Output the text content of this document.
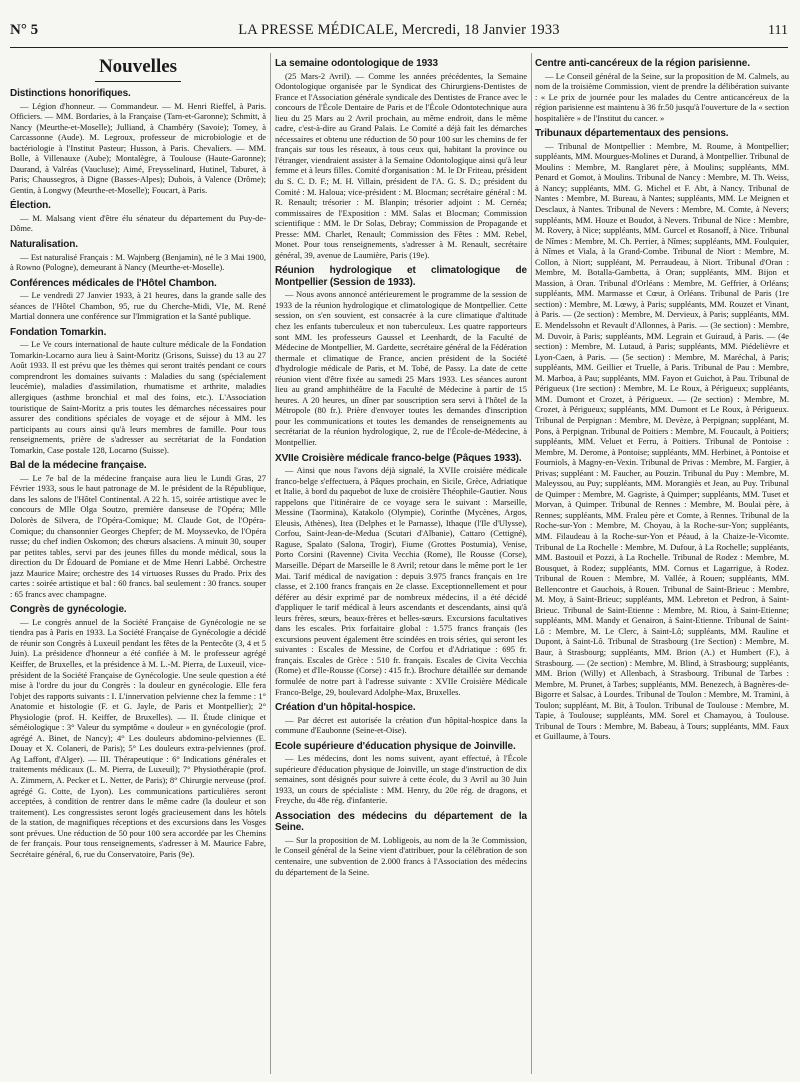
N° 5	LA PRESSE MÉDICALE, Mercredi, 18 Janvier 1933	111
Nouvelles
Distinctions honorifiques.

— Légion d'honneur. — Commandeur. — M. Henri Rieffel, à Paris. Officiers. — MM. Bordaries, à la Française (Tarn-et-Garonne); Schmitt, à Nancy (Meurthe-et-Moselle); Julliand, à Chambéry (Savoie); Tomey, à Carcassonne (Aude). M. Legroux, professeur de microbiologie et de bactériologie à l'Institut Pasteur; Husson, à Paris. Chevaliers. — MM. Bolle, à Villenauxe (Aube); Montalègre, à Toulouse (Haute-Garonne); Daurand, à Valréas (Vaucluse); Aimé, Freysselinard, Hutinel, Taburet, à Paris; Chaussegros, à Digne (Basses-Alpes); Dubois, à Valence (Drôme); Gentin, à Longwy (Meurthe-et-Moselle); Foucart, à Paris.

Élection.

— M. Malsang vient d'être élu sénateur du département du Puy-de-Dôme.

Naturalisation.

— Est naturalisé Français : M. Wajnberg (Benjamin), né le 3 Mai 1900, à Rowno (Pologne), demeurant à Nancy (Meurthe-et-Moselle).

Conférences médicales de l'Hôtel Chambon.

— Le vendredi 27 Janvier 1933, à 21 heures, dans la grande salle des séances de l'Hôtel Chambon, 95, rue du Cherche-Midi, VIe, M. René Martial donnera une conférence sur l'Immigration et la Santé publique.

Fondation Tomarkin.

— Le Ve cours international de haute culture médicale de la Fondation Tomarkin-Locarno aura lieu à Saint-Moritz (Grisons, Suisse) du 13 au 27 Août 1933. Il est prévu que les thèmes qui seront traités pendant ce cours comprendront les domaines suivants : Maladies du sang (spécialement leucémie), maladies d'assimilation, rhumatisme et arthrite, maladies allergiques (asthme bronchial et mal des foins, etc.). L'Association touristique de Saint-Moritz a pris toutes les démarches nécessaires pour assurer des conditions spéciales de voyage et de séjour à MM. les participants au cours ainsi qu'à leurs membres de famille. Pour tous renseignements, prière de s'adresser au secrétariat de la Fondation Tomarkin, Case postale 128, Locarno (Suisse).

Bal de la médecine française.

— Le 7e bal de la médecine française aura lieu le Lundi Gras, 27 Février 1933, sous le haut patronage de M. le président de la République, dans les salons de l'Hôtel Continental. A 22 h. 15, soirée artistique avec le concours de Mlle Olga Soutzo, première danseuse de l'Opéra; Mlle Dolorès de Silvera, de l'Opéra-Comique; M. Claude Got, de l'Opéra-Comique; du chansonnier Georges Chepfer; de M. Moyssevko, de l'Opéra russe; du chef indien Oskomon; des chœurs alsaciens. A minuit 30, souper par petites tables, servi par des jeunes filles du monde médical, sous la direction du Dr Édouard de Pomiane et de Mme Henri Labbé. Orchestre jazz Maurice Maire; orchestre des 14 virtuoses Russes du Prado. Prix des cartes : soirée artistique et bal : 60 francs. bal seulement : 30 francs. souper : 65 francs avec champagne.

Congrès de gynécologie.

— Le congrès annuel de la Société Française de Gynécologie ne se tiendra pas à Paris en 1933. La Société Française de Gynécologie a décidé de réunir son Congrès à Luxeuil pendant les fêtes de la Pentecôte (3, 4 et 5 Juin). La présidence d'honneur a été confiée à M. le professeur agrégé Keiffer, de Bruxelles, et la présidence à M. L.-M. Pierra, de Luxeuil, vice-président de la Société Française de Gynécologie. Une seule question a été mise à l'ordre du jour du Congrès : la douleur en gynécologie. Elle fera l'objet des rapports suivants : I. L'innervation pelvienne chez la femme : 1° Anatomie et histologie (F. et G. Jayle, de Paris et Montpellier); 2° Physiologie (prof. H. Keiffer, de Bruxelles). — II. Étude clinique et séméiologique : 3° Valeur du symptôme « douleur » en gynécologie (prof. agrégé A. Binet, de Nancy); 4° Les douleurs abdomino-pelviennes (E. Douay et X. Colaneri, de Paris); 5° Les douleurs extra-pelviennes (prof. Ag Laffont, d'Alger). — III. Thérapeutique : 6° Indications générales et traitements médicaux (L. M. Pierra, de Luxeuil); 7° Physiothérapie (prof. A. Zimmern, A. Pecker et L. Netter, de Paris); 8° Chirurgie nerveuse (prof. agrégé G. Cotte, de Lyon). Les communications particulières seront acceptées, à condition de rentrer dans le même cadre (la douleur et son traitement). Les congressistes seront logés gracieusement dans les hôtels de la station, de magnifiques réceptions et des excursions dans les Vosges sont prévues. Une réduction de 50 pour 100 sera accordée par les Chemins de fer français. Pour tous renseignements, s'adresser à M. Maurice Fabre, Secrétaire général, 6, rue du Conservatoire, Paris (9e).

La semaine odontologique de 1933

(25 Mars-2 Avril). — Comme les années précédentes, la Semaine Odontologique organisée par le Syndicat des Chirurgiens-Dentistes de France et l'Association générale syndicale des Dentistes de France avec le concours de l'École Dentaire de Paris et de l'École Odontotechnique aura lieu du 25 Mars au 2 Avril prochain, au même endroit, dans le même cadre, c'est-à-dire au Grand Palais. Le Comité a déjà fait les démarches nécessaires et obtenu une réduction de 50 pour 100 sur les chemins de fer français sur tous les réseaux, à tous ceux qui, habitant la province ou l'étranger, viendraient assister à la Semaine Odontologique ainsi qu'à leur femme et à leurs filles. Comité d'organisation : M. le Dr Friteau, président du S. C. D. F.; M. H. Villain, président de l'A. G. S. D.; président du Comité : M. Haloua; vice-président : M. Blocman; secrétaire général : M. R. Renault; trésorier : M. Blanpin; trésorier adjoint : M. Cernéa; commissaires de l'Exposition : MM. Salas et Blocman; Commission scientifique : MM. le Dr Solas, Debray; Commission de Propagande et Presse: MM. Charlet, Renault; Commission des Fêtes : MM. Rebel, Monet. Pour tous renseignements, s'adresser à M. Renault, secrétaire général, 39, avenue de Laumière, Paris (19e).

Réunion hydrologique et climatologique de Montpellier (Session de 1933).

— Nous avons annoncé antérieurement le programme de la session de 1933 de la réunion hydrologique et climatologique de Montpellier. Cette session, on s'en souvient, est consacrée à la cure climatique d'altitude chez les enfants tuberculeux et non tuberculeux. Les quatre rapporteurs sont MM. les professeurs Gaussel et Leenhardt, de la Faculté de Médecine de Montpellier, M. Gardette, secrétaire général de la Fédération thermale et climatique de France, ancien président de la Société d'hydrologie médicale de Paris, et M. Tobé, de Passy. La date de cette réunion vient d'être fixée au samedi 25 Mars 1933. Les séances auront lieu au grand amphithéâtre de la Faculté de Médecine à partir de 15 heures. A 20 heures, un dîner par souscription sera servi à l'hôtel de la Métropole (80 fr.). Prière d'envoyer toutes les demandes d'inscription pour les communications et toutes les demandes de renseignements au secrétariat de la réunion hydrologique, 2, rue de l'École-de-Médecine, à Montpellier.

XVIIe Croisière médicale franco-belge (Pâques 1933).

— Ainsi que nous l'avons déjà signalé, la XVIIe croisière médicale franco-belge s'effectuera, à Pâques prochain, en Sicile, Grèce, Adriatique et Italie, à bord du paquebot de luxe de croisière Théophile-Gautier. Nous rappelons que l'itinéraire de ce voyage sera le suivant : Marseille, Messine (Taormina), Katakolo (Olympie), Corinthe (Mycènes, Argos, Eleusis, Athènes), Itea (Delphes et le Parnasse), Ithaque (l'Ile d'Ulysse), Corfou, Saint-Jean-de-Medua (Scutari d'Albanie), Cattaro (Cettigné), Raguse, Spalato (Salona, Trogir), Fiume (Grottes Postumia), Venise, Porto Corsini (Ravenne) Civita Vecchia (Rome), Ile Rousse (Corse), Marseille. Départ de Marseille le 8 Avril; retour dans le même port le 1er Mai. Tarif médical de navigation : depuis 3.975 francs français en 1re classe, et 2.100 francs français en 2e classe. Exceptionnellement et pour déférer au désir exprimé par de nombreux médecins, il a été décidé d'appliquer le tarif médical à leurs ascendants et descendants, ainsi qu'à leurs frères, sœurs, beaux-frères et belles-sœurs. Excursions facultatives dans les escales. Prix forfaitaire global : 1.575 francs français (les excursions peuvent également être scindées en trois séries, qui seront les suivantes : Escales de Messine, de Corfou et d'Adriatique : 695 fr. français. Escales de Grèce : 510 fr. français. Escales de Civita Vecchia (Rome) et d'Ile-Rousse (Corse) : 415 fr.). Brochure détaillée sur demande formulée de notre part à l'adresse suivante : XVIIe Croisière Médicale Franco-Belge, 29, boulevard Adolphe-Max, Bruxelles.

Création d'un hôpital-hospice.

— Par décret est autorisée la création d'un hôpital-hospice dans la commune d'Eaubonne (Seine-et-Oise).

Ecole supérieure d'éducation physique de Joinville.

— Les médecins, dont les noms suivent, ayant effectué, à l'École supérieure d'éducation physique de Joinville, un stage d'instruction de dix semaines, sont désignés pour suivre à cette école, du 3 Avril au 30 Juin 1933, un cours de spécialiste : MM. Henry, du 20e rég. de dragons, et Freyche, du 48e rég. d'infanterie.

Association des médecins du département de la Seine.

— Sur la proposition de M. Lobligeois, au nom de la 3e Commission, le Conseil général de la Seine vient d'attribuer, pour la célébration de son centenaire, une subvention de 2.000 francs à l'Association des médecins du département de la Seine.

Centre anti-cancéreux de la région parisienne.

— Le Conseil général de la Seine, sur la proposition de M. Calmels, au nom de la troisième Commission, vient de prendre la délibération suivante : « Le prix de journée pour les malades du Centre anticancéreux de la région parisienne est maintenu à 36 fr.50 jusqu'à l'ouverture de la « section hospitalière » de l'Institut du cancer. »

Tribunaux départementaux des pensions.

— Tribunal de Montpellier : Membre, M. Roume, à Montpellier; suppléants, MM. Mourgues-Molines et Durand, à Montpellier. Tribunal de Moulins : Membre, M. Ranglaret père, à Moulins; suppléants, MM. Penard et Gomot, à Moulins. Tribunal de Nancy : Membre, M. Th. Weiss, à Nancy; suppléants, MM. G. Michel et F. Abt, à Nancy. Tribunal de Nantes : Membre, M. Bureau, à Nantes; suppléants, MM. Le Meignen et Desclaux, à Nantes. Tribunal de Nevers : Membre, M. Comte, à Nevers; suppléants, MM. Houze et Boudot, à Nevers. Tribunal de Nice : Membre, M. Rovery, à Nice; suppléants, MM. Gurcel et Rosanoff, à Nice. Tribunal de Nîmes : Membre, M. Ch. Perrier, à Nîmes; suppléants, MM. Foulquier, à Nîmes et Viala, à la Grand-Combe. Tribunal de Niort : Membre, M. Collon, à Niort; suppléant, M. Perraudeau, à Niort. Tribunal d'Oran : Membre, M. Botalla-Gambetta, à Oran; suppléants, MM. Bijon et Massion, à Oran. Tribunal d'Orléans : Membre, M. Geffrier, à Orléans; suppléants, MM. Marmasse et Cœur, à Orléans. Tribunal de Paris (1re section) : Membre, M. Lœwy, à Paris; suppléants, MM. Rouzet et Vinant, à Paris. — (2e section) : Membre, M. Dervieux, à Paris; suppléants, MM. E. Mendelssohn et Revault d'Allonnes, à Paris. — (3e section) : Membre, M. Duvoir, à Paris; suppléants, MM. Legrain et Guiraud, à Paris. — (4e section) : Membre, M. Lutaud, à Paris; suppléants, MM. Piédelièvre et Lyon-Caen, à Paris. — (5e section) : Membre, M. Maréchal, à Paris; suppléants, MM. Geillier et Truelle, à Paris. Tribunal de Pau : Membre, M. Marboa, à Pau; suppléants, MM. Fayon et Guichot, à Pau. Tribunal de Périgueux (1re section) : Membre, M. Le Roux, à Périgueux; suppléants, MM. Dumont et Crozet, à Périgueux. — (2e section) : Membre, M. Crozet, à Périgueux; suppléants, MM. Dumont et Le Roux, à Périgueux. Tribunal de Perpignan : Membre, M. Devèze, à Perpignan; suppléant, M. Pons, à Perpignan. Tribunal de Poitiers : Membre, M. Foucault, à Poitiers; suppléants, MM. Veluet et Ferru, à Poitiers. Tribunal de Pontoise : Membre, M. Derome, à Pontoise; suppléants, MM. Herbinet, à Pontoise et Fourniols, à Magny-en-Vexin. Tribunal de Privas : Membre, M. Fargier, à Privas; suppléant : M. Faucher, au Pouzin. Tribunal du Puy : Membre, M. Maleyssou, au Puy; suppléants, MM. Morangiès et Jean, au Puy. Tribunal de Quimper : Membre, M. Gagriste, à Quimper; suppléants, MM. Tuset et Morvan, à Quimper. Tribunal de Rennes : Membre, M. Boulai père, à Rennes; suppléants, MM. Fraleu père et Comte, à Rennes. Tribunal de la Roche-sur-Yon : Membre, M. Choyau, à la Roche-sur-Yon; suppléants, MM. Filaudeau à la Roche-sur-Yon et Péaud, à la Chaize-le-Vicomte. Tribunal de La Rochelle : Membre, M. Dufour, à La Rochelle; suppléants, MM. Bastouil et Pozzi, à La Rochelle. Tribunal de Rodez : Membre, M. Bousquet, à Rodez; suppléants, MM. Cornus et Lagarrigue, à Rodez. Tribunal de Rouen : Membre, M. Vallée, à Rouen; suppléants, MM. Bellencontre et Gauchois, à Rouen. Tribunal de Saint-Brieuc : Membre, M. Moy, à Saint-Brieuc; suppléants, MM. Lebreton et Pedron, à Saint-Brieuc. Tribunal de Saint-Etienne : Membre, M. Riou, à Saint-Etienne; suppléants, MM. Mandy et Genairon, à Saint-Etienne. Tribunal de Saint-Lô : Membre, M. Le Clerc, à Saint-Lô; suppléants, MM. Rauline et Dupont, à Saint-Lô. Tribunal de Strasbourg (1re Section) : Membre, M. Baur, à Strasbourg; suppléants, MM. Brion (A.) et Humbert (F.), à Strasbourg. — (2e section) : Membre, M. Blind, à Strasbourg; suppléants, MM. Brion (Willy) et Allenbach, à Strasbourg. Tribunal de Tarbes : Membre, M. Prunet, à Tarbes; suppléants, MM. Benezech, à Bagnères-de-Bigorre et Salsac, à Lourdes. Tribunal de Toulon : Membre, M. Tramini, à Toulon; suppléant, M. Bit, à Toulon. Tribunal de Toulouse : Membre, M. Tapie, à Toulouse; suppléants, MM. Sorel et Chamayou, à Toulouse. Tribunal de Tours : Membre, M. Babeau, à Tours; suppléants, MM. Faux et Guillaume, à Tours.
